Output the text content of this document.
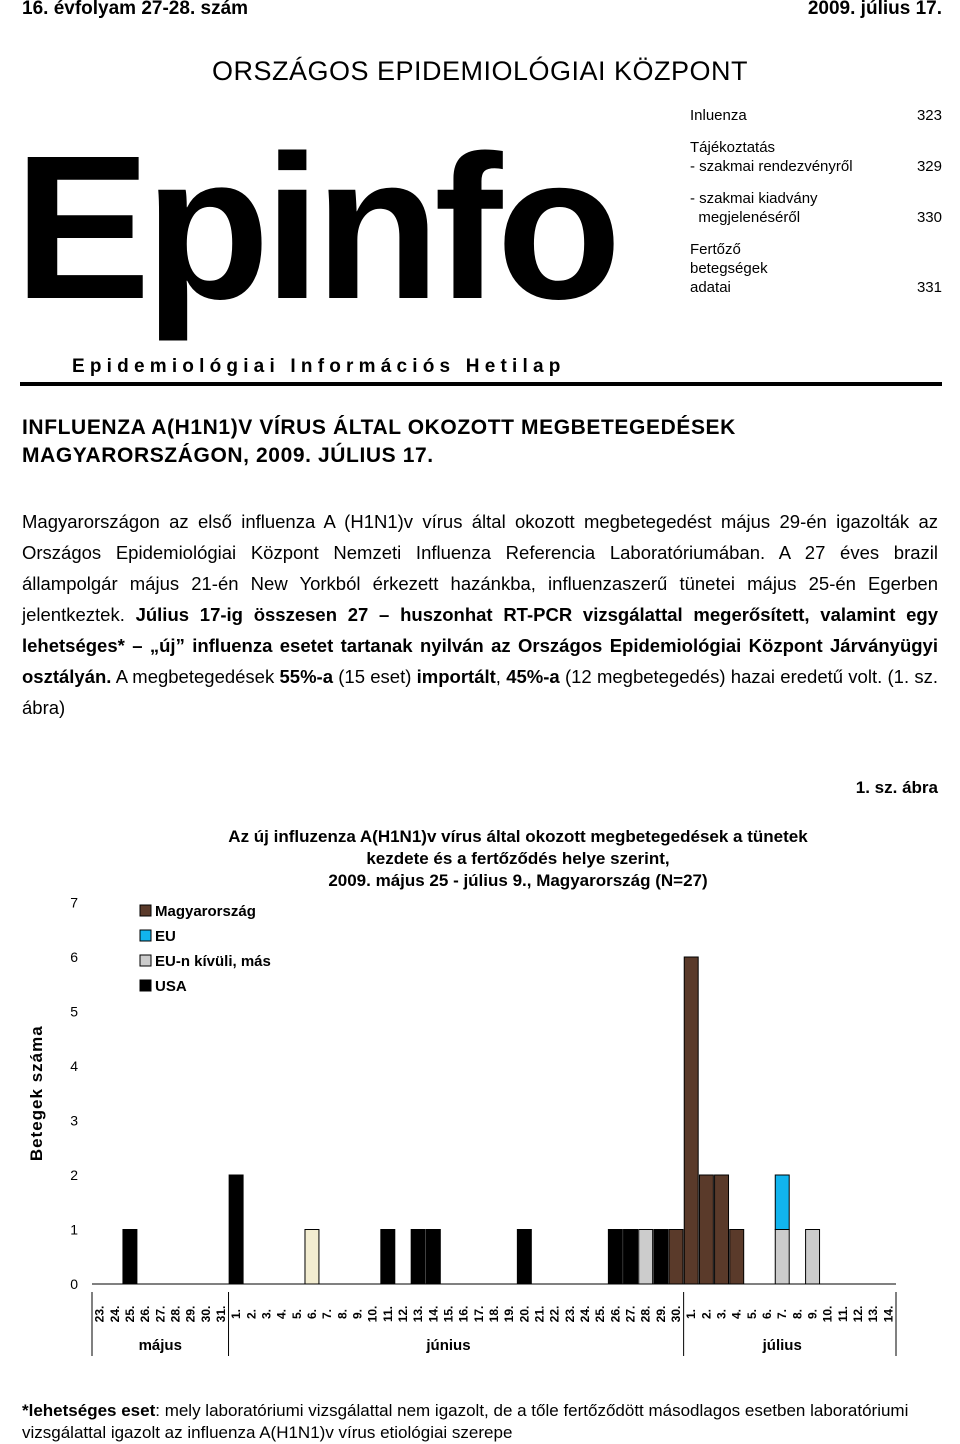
16. évfolyam 27-28. szám	2009. július 17.
ORSZÁGOS EPIDEMIOLÓGIAI KÖZPONT
Epinfo	Inluenza	323
Tájékoztatás
- szakmai rendezvényről	329
- szakmai kiadvány
megjelenéséről	330
Fertőző
betegségek
adatai	331
Epidemiológiai Információs Hetilap
INFLUENZA A(H1N1)V VÍRUS ÁLTAL OKOZOTT MEGBETEGEDÉSEK
MAGYARORSZÁGON, 2009. JÚLIUS 17.
Magyarországon az első influenza A (H1N1)v vírus által okozott megbetegedést május 29-én igazolták az Országos Epidemiológiai Központ Nemzeti Influenza Referencia Laboratóriumában. A 27 éves brazil állampolgár május 21-én New Yorkból érkezett hazánkba, influenzaszerű tünetei május 25-én Egerben jelentkeztek. Július 17-ig összesen 27 – huszonhat RT-PCR vizsgálattal megerősített, valamint egy lehetséges* – „új” influenza esetet tartanak nyilván az Országos Epidemiológiai Központ Járványügyi osztályán. A megbetegedések 55%-a (15 eset) importált, 45%-a (12 megbetegedés) hazai eredetű volt. (1. sz. ábra)
1. sz. ábra
Az új influzenza A(H1N1)v vírus által okozott megbetegedések a tünetek
kezdete és a fertőződés helye szerint,
2009. május 25 - július 9., Magyarország (N=27)
Betegek száma
0
1
2
3
4
5
6
7
23. 24. 25. 26. 27. 28. 29. 30. 31. 1. 2. 3. 4. 5. 6. 7. 8. 9. 10. 11. 12. 13. 14. 15. 16. 17. 18. 19. 20. 21. 22. 23. 24. 25. 26. 27. 28. 29. 30. 1. 2. 3. 4. 5. 6. 7. 8. 9. 10. 11. 12. 13. 14.
május	június	július
Magyarország
EU
EU-n kívüli, más
USA
*lehetséges eset: mely laboratóriumi vizsgálattal nem igazolt, de a tőle fertőződött másodlagos esetben laboratóriumi vizsgálattal igazolt az influenza A(H1N1)v vírus etiológiai szerepe
